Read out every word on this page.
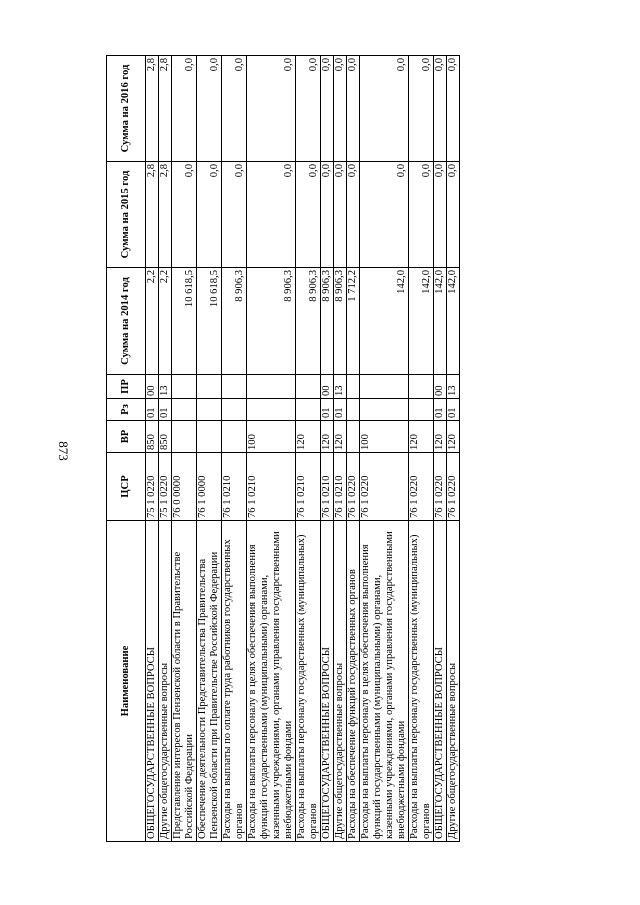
873
Наименование	ЦСР	ВР	Рз	ПР	Сумма на 2014 год	Сумма на 2015 год	Сумма на 2016 год
ОБЩЕГОСУДАРСТВЕННЫЕ ВОПРОСЫ	75 1 0220	850	01	00	2,2	2,8	2,8
Другие общегосударственные вопросы	75 1 0220	850	01	13	2,2	2,8	2,8
Представление интересов Пензенской области в Правительстве Российской Федерации	76 0 0000				10 618,5	0,0	0,0
Обеспечение деятельности Представительства Правительства Пензенской области при Правительстве Российской Федерации	76 1 0000				10 618,5	0,0	0,0
Расходы на выплаты по оплате труда работников государственных органов	76 1 0210				8 906,3	0,0	0,0
Расходы на выплаты персоналу в целях обеспечения выполнения функций государственными (муниципальными) органами, казенными учреждениями, органами управления государственными внебюджетными фондами	76 1 0210	100			8 906,3	0,0	0,0
Расходы на выплаты персоналу государственных (муниципальных) органов	76 1 0210	120			8 906,3	0,0	0,0
ОБЩЕГОСУДАРСТВЕННЫЕ ВОПРОСЫ	76 1 0210	120	01	00	8 906,3	0,0	0,0
Другие общегосударственные вопросы	76 1 0210	120	01	13	8 906,3	0,0	0,0
Расходы на обеспечение функций государственных органов	76 1 0220				1 712,2	0,0	0,0
Расходы на выплаты персоналу в целях обеспечения выполнения функций государственными (муниципальными) органами, казенными учреждениями, органами управления государственными внебюджетными фондами	76 1 0220	100			142,0	0,0	0,0
Расходы на выплаты персоналу государственных (муниципальных) органов	76 1 0220	120			142,0	0,0	0,0
ОБЩЕГОСУДАРСТВЕННЫЕ ВОПРОСЫ	76 1 0220	120	01	00	142,0	0,0	0,0
Другие общегосударственные вопросы	76 1 0220	120	01	13	142,0	0,0	0,0
